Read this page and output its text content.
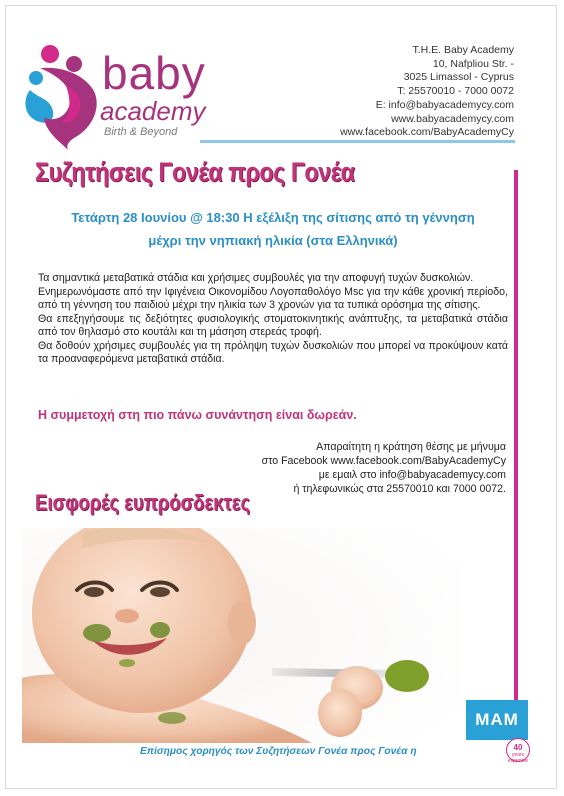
baby
academy
Birth & Beyond
T.H.E. Baby Academy
10, Nafpliou Str. -
3025 Limassol - Cyprus
T: 25570010 - 7000 0072
E: info@babyacademycy.com
www.babyacademycy.com
www.facebook.com/BabyAcademyCy
Συζητήσεις Γονέα προς Γονέα
Τετάρτη 28 Ιουνίου @ 18:30 Η εξέλιξη της σίτισης από τη γέννηση
μέχρι την νηπιακή ηλικία (στα Ελληνικά)

Τα σημαντικά μεταβατικά στάδια και χρήσιμες συμβουλές για την αποφυγή τυχών δυσκολιών.

Ενημερωνόμαστε από την Ιφιγένεια Οικονομίδου Λογοπαθολόγο Msc για την κάθε χρονική περίοδο, από τη γέννηση του παιδιού μέχρι την ηλικία των 3 χρονών για τα τυπικά ορόσημα της σίτισης.

Θα επεξηγήσουμε τις δεξιότητες φυσιολογικής στοματοκινητικής ανάπτυξης, τα μεταβατικά στάδια από τον θηλασμό στο κουτάλι και τη μάσηση στερεάς τροφή.

Θα δοθούν χρήσιμες συμβουλές για τη πρόληψη τυχών δυσκολιών που μπορεί να προκύψουν κατά τα προαναφερόμενα μεταβατικά στάδια.

Η συμμετοχή στη πιο πάνω συνάντηση είναι δωρεάν.
Απαραίτητη η κράτηση θέσης με μήνυμα
στο Facebook www.facebook.com/BabyAcademyCy
με εμαιλ στο info@babyacademycy.com
ή τηλεφωνικώς στα 25570010 και 7000 0072.
Εισφορές ευπρόσδεκτες
MAM
40
years expertise
Επίσημος χορηγός των Συζητήσεων Γονέα προς Γονέα η
